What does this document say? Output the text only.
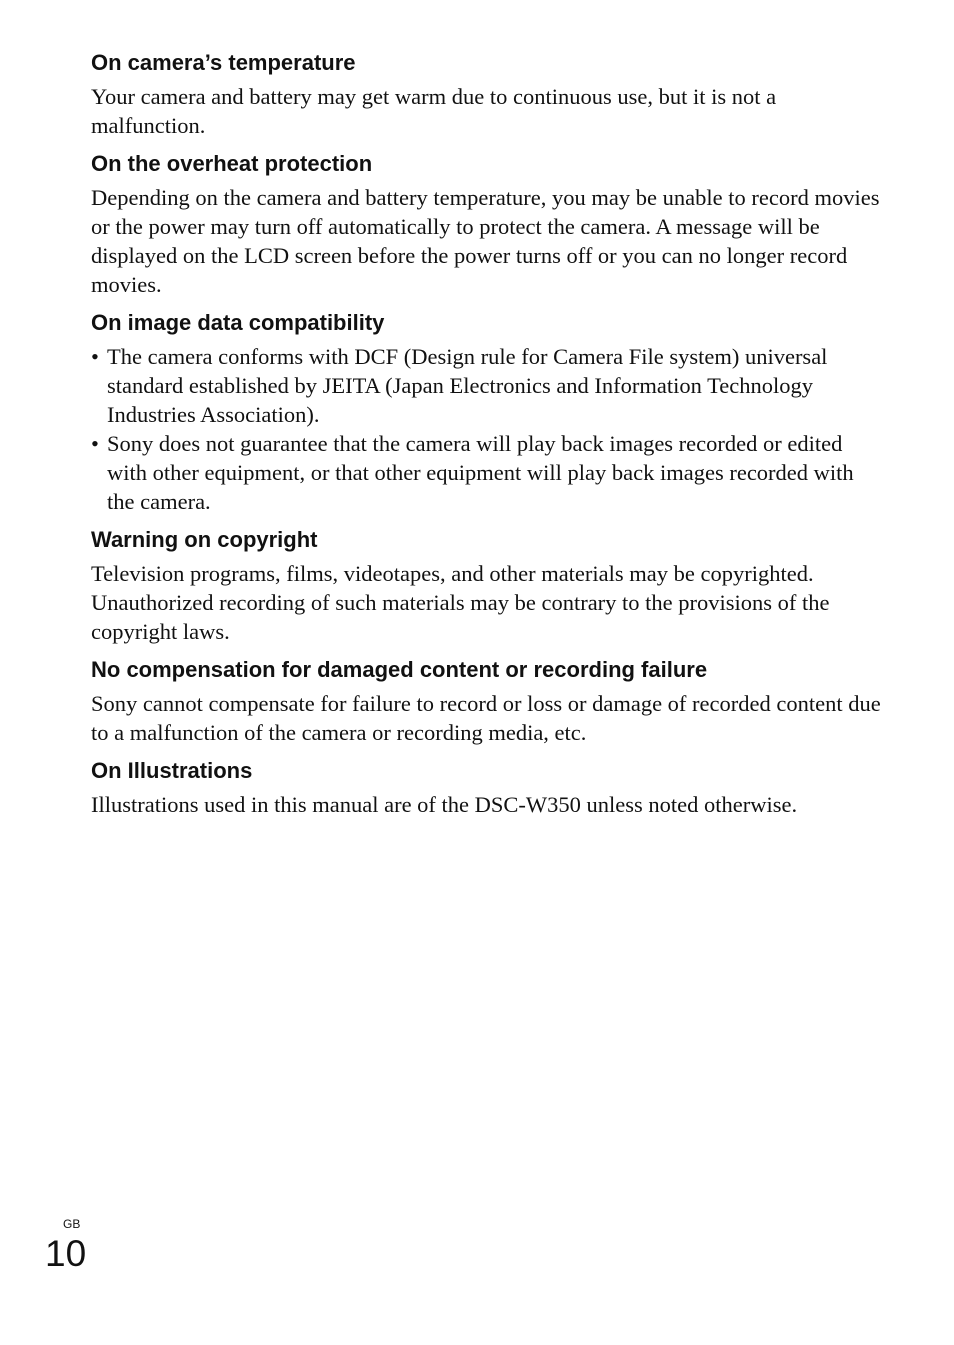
On camera’s temperature

Your camera and battery may get warm due to continuous use, but it is not a malfunction.

On the overheat protection

Depending on the camera and battery temperature, you may be unable to record movies or the power may turn off automatically to protect the camera. A message will be displayed on the LCD screen before the power turns off or you can no longer record movies.

On image data compatibility
• The camera conforms with DCF (Design rule for Camera File system) universal standard established by JEITA (Japan Electronics and Information Technology Industries Association).
• Sony does not guarantee that the camera will play back images recorded or edited with other equipment, or that other equipment will play back images recorded with the camera.
Warning on copyright

Television programs, films, videotapes, and other materials may be copyrighted. Unauthorized recording of such materials may be contrary to the provisions of the copyright laws.

No compensation for damaged content or recording failure

Sony cannot compensate for failure to record or loss or damage of recorded content due to a malfunction of the camera or recording media, etc.

On Illustrations

Illustrations used in this manual are of the DSC-W350 unless noted otherwise.

GB
10
